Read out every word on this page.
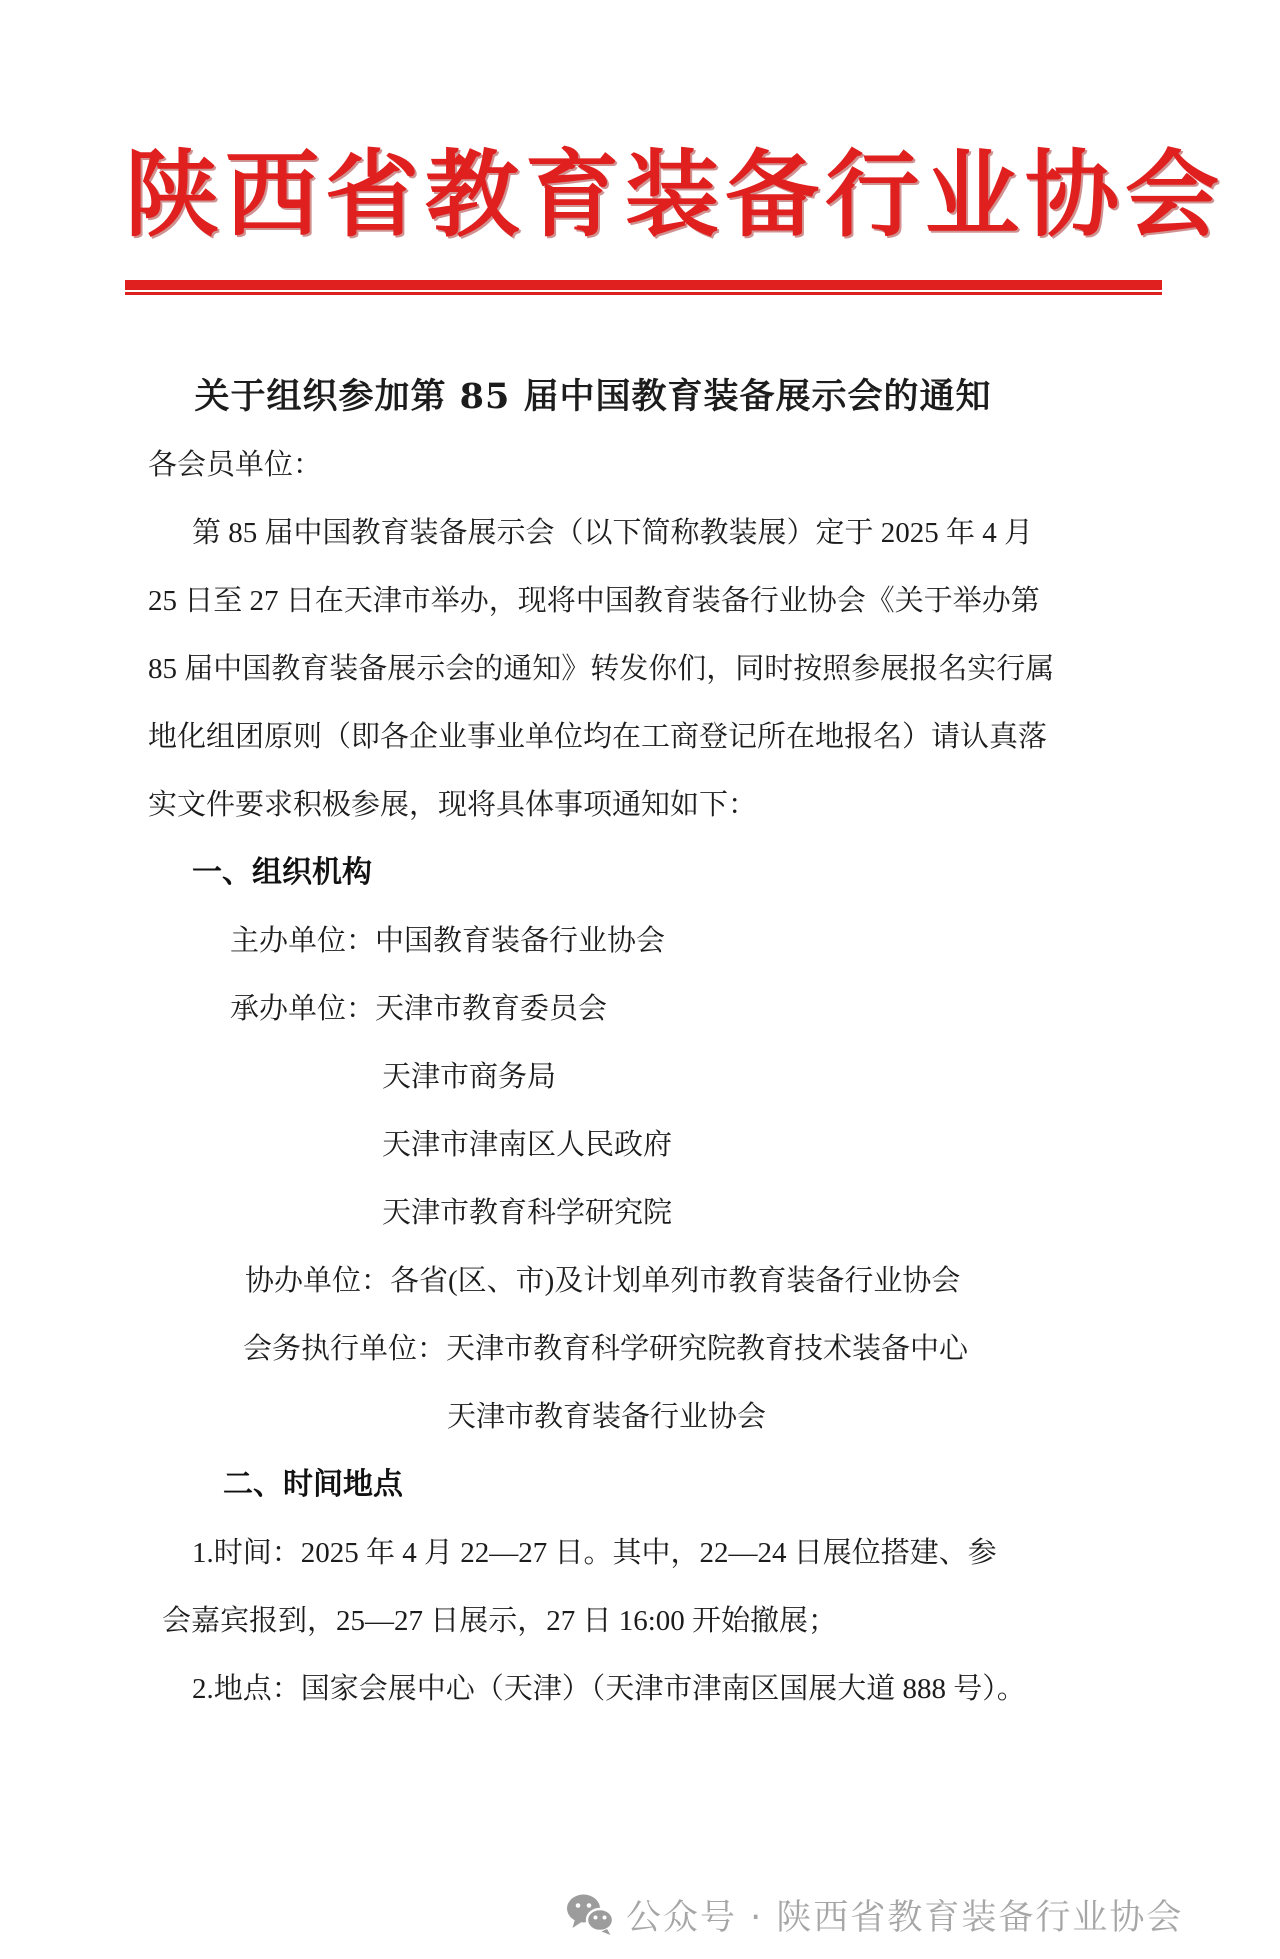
陕西省教育装备行业协会
关于组织参加第 85 届中国教育装备展示会的通知
各会员单位：
第 85 届中国教育装备展示会（以下简称教装展）定于 2025 年 4 月
25 日至 27 日在天津市举办，现将中国教育装备行业协会《关于举办第
85 届中国教育装备展示会的通知》转发你们，同时按照参展报名实行属
地化组团原则（即各企业事业单位均在工商登记所在地报名）请认真落
实文件要求积极参展，现将具体事项通知如下：
一、组织机构
主办单位：中国教育装备行业协会
承办单位：天津市教育委员会
天津市商务局
天津市津南区人民政府
天津市教育科学研究院
协办单位：各省(区、市)及计划单列市教育装备行业协会
会务执行单位：天津市教育科学研究院教育技术装备中心
天津市教育装备行业协会
二、时间地点
1.时间：2025 年 4 月 22—27 日。其中，22—24 日展位搭建、参
会嘉宾报到，25—27 日展示，27 日 16:00 开始撤展；
2.地点：国家会展中心（天津）（天津市津南区国展大道 888 号）。
公众号 · 陕西省教育装备行业协会
